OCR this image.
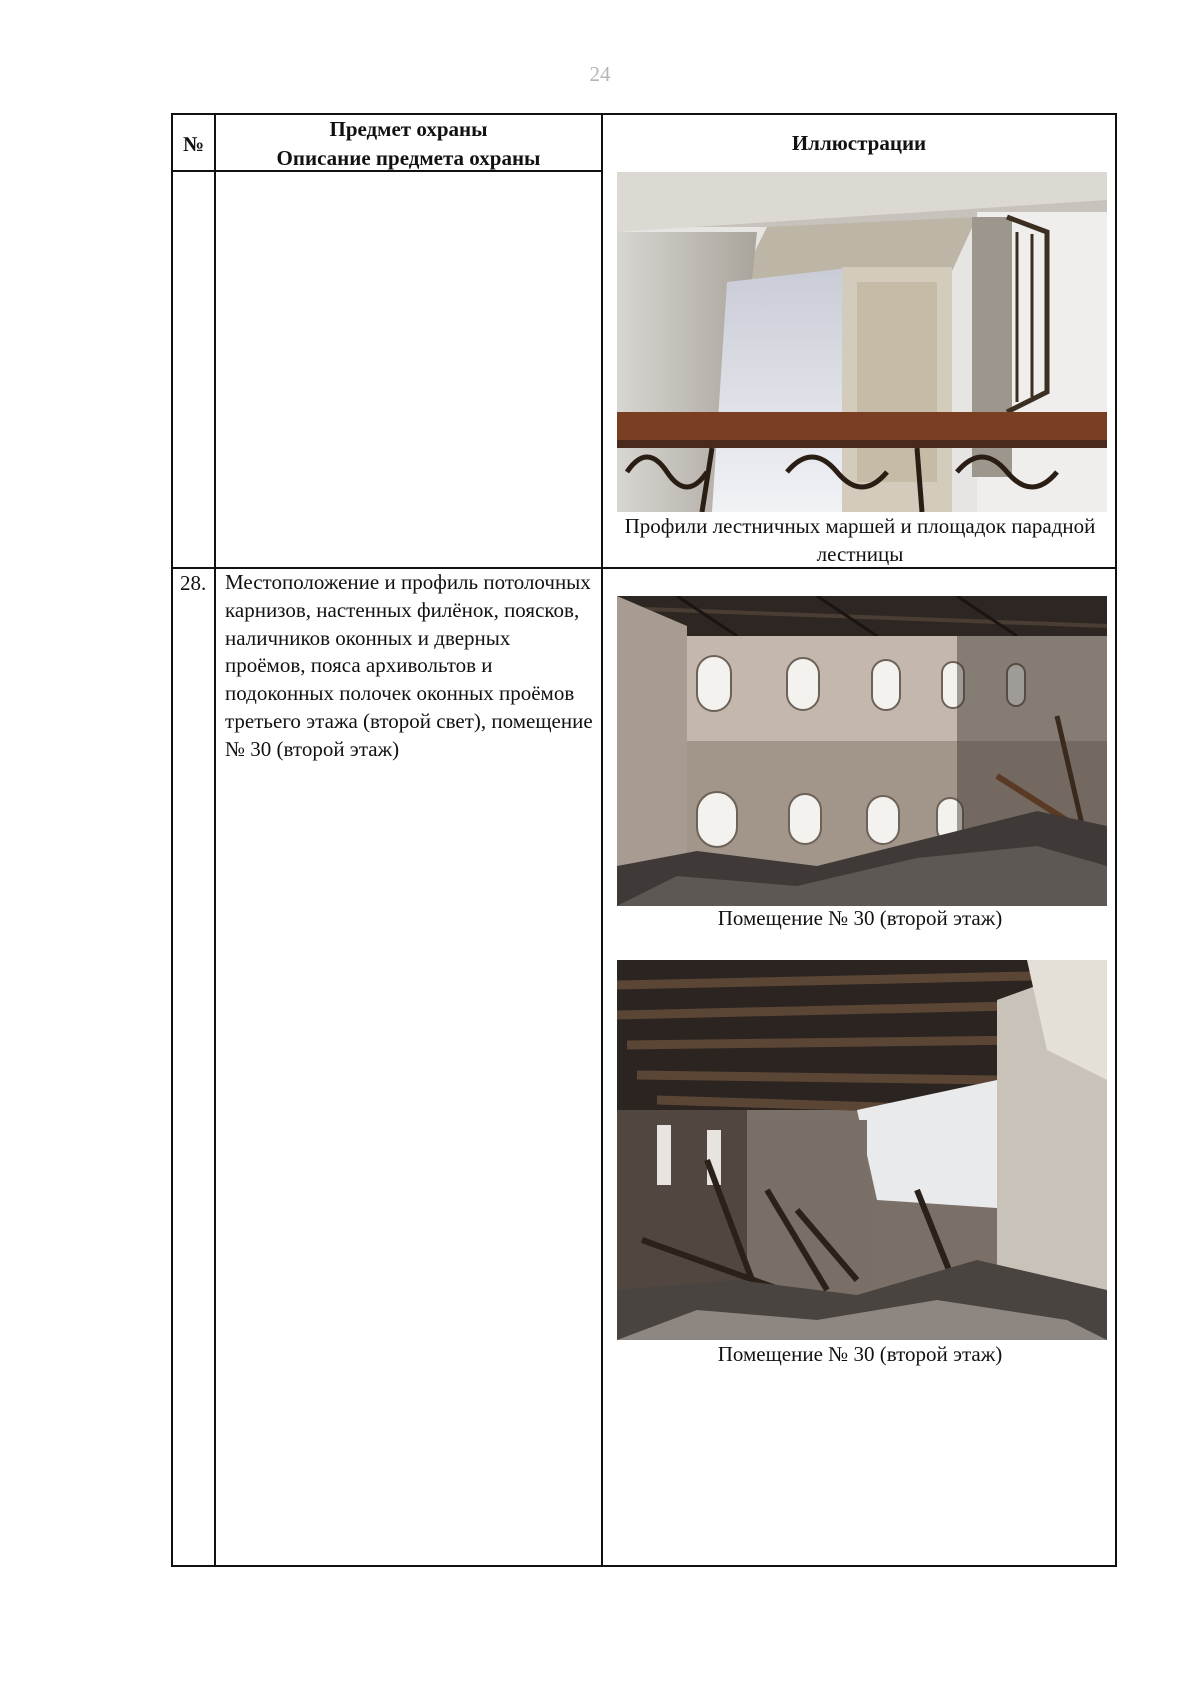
24
№
Предмет охраны
Описание предмета охраны
Иллюстрации
Профили лестничных маршей и площадок парадной лестницы
28. Местоположение и профиль потолочных карнизов, настенных филёнок, поясков, наличников оконных и дверных проёмов, пояса архивольтов и подоконных полочек оконных проёмов третьего этажа (второй свет), помещение № 30 (второй этаж)
Помещение № 30 (второй этаж)
Помещение № 30 (второй этаж)
